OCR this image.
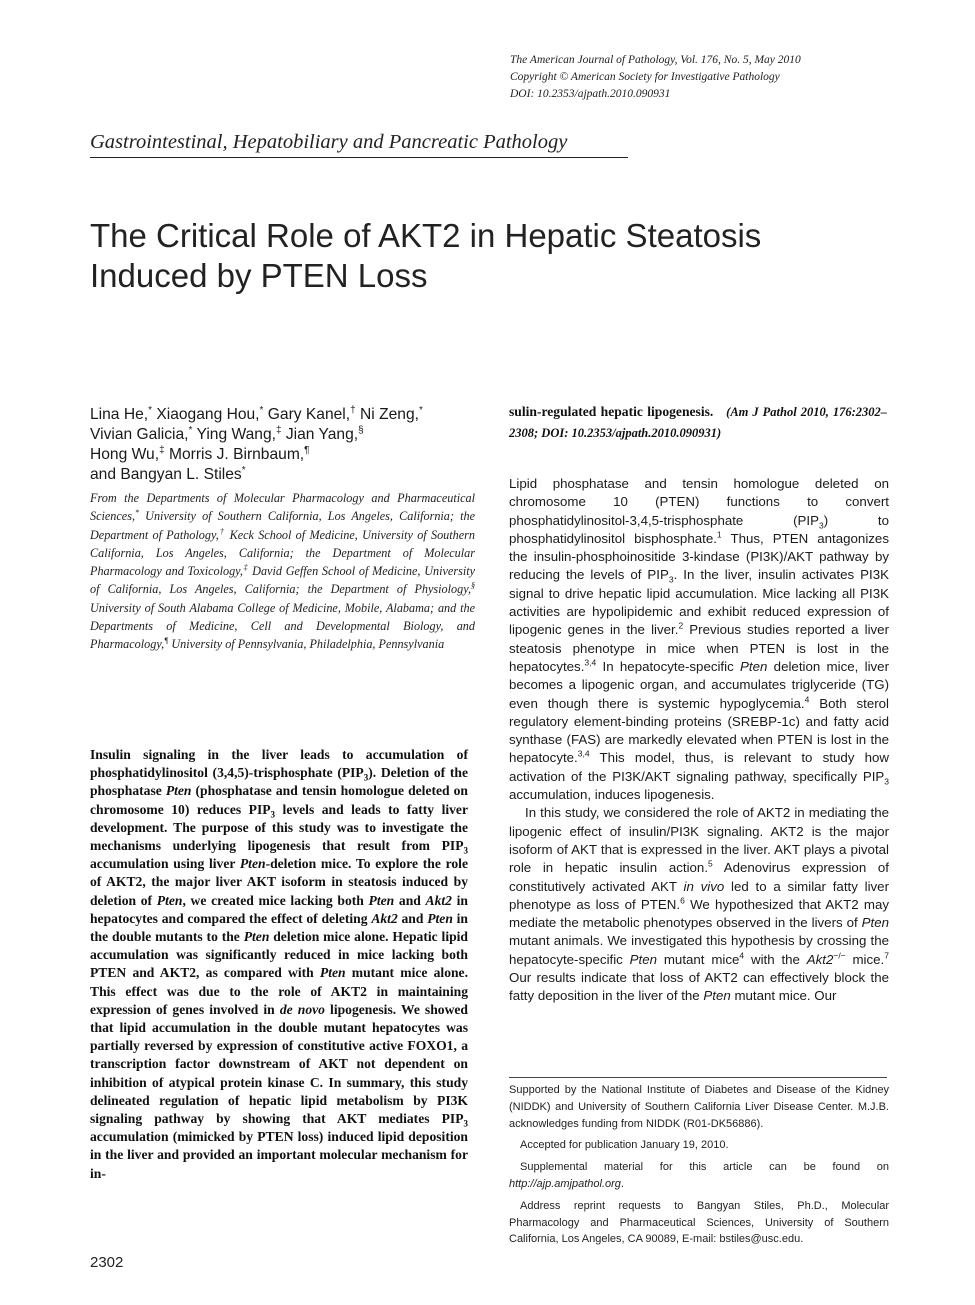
The American Journal of Pathology, Vol. 176, No. 5, May 2010
Copyright © American Society for Investigative Pathology
DOI: 10.2353/ajpath.2010.090931
Gastrointestinal, Hepatobiliary and Pancreatic Pathology
The Critical Role of AKT2 in Hepatic Steatosis
Induced by PTEN Loss
Lina He,* Xiaogang Hou,* Gary Kanel,† Ni Zeng,*
Vivian Galicia,* Ying Wang,‡ Jian Yang,§
Hong Wu,‡ Morris J. Birnbaum,¶
and Bangyan L. Stiles*
From the Departments of Molecular Pharmacology and Pharmaceutical Sciences,* University of Southern California, Los Angeles, California; the Department of Pathology,† Keck School of Medicine, University of Southern California, Los Angeles, California; the Department of Molecular Pharmacology and Toxicology,‡ David Geffen School of Medicine, University of California, Los Angeles, California; the Department of Physiology,§ University of South Alabama College of Medicine, Mobile, Alabama; and the Departments of Medicine, Cell and Developmental Biology, and Pharmacology,¶ University of Pennsylvania, Philadelphia, Pennsylvania
Insulin signaling in the liver leads to accumulation of phosphatidylinositol (3,4,5)-trisphosphate $(PIP_3)$. Deletion of the phosphatase Pten (phosphatase and tensin homologue deleted on chromosome 10) reduces $PIP_3$ levels and leads to fatty liver development. The purpose of this study was to investigate the mechanisms underlying lipogenesis that result from $PIP_3$ accumulation using liver Pten-deletion mice. To explore the role of AKT2, the major liver AKT isoform in steatosis induced by deletion of Pten, we created mice lacking both Pten and Akt2 in hepatocytes and compared the effect of deleting Akt2 and Pten in the double mutants to the Pten deletion mice alone. Hepatic lipid accumulation was significantly reduced in mice lacking both PTEN and AKT2, as compared with Pten mutant mice alone. This effect was due to the role of AKT2 in maintaining expression of genes involved in de novo lipogenesis. We showed that lipid accumulation in the double mutant hepatocytes was partially reversed by expression of constitutive active FOXO1, a transcription factor downstream of AKT not dependent on inhibition of atypical protein kinase C. In summary, this study delineated regulation of hepatic lipid metabolism by PI3K signaling pathway by showing that AKT mediates $PIP_3$ accumulation (mimicked by PTEN loss) induced lipid deposition in the liver and provided an important molecular mechanism for in-
2302
sulin-regulated hepatic lipogenesis. (Am J Pathol 2010, 176:2302–2308; DOI: 10.2353/ajpath.2010.090931)

Lipid phosphatase and tensin homologue deleted on chromosome 10 (PTEN) functions to convert phosphatidylinositol-3,4,5-trisphosphate $(PIP_3)$ to phosphatidylinositol bisphosphate.$^1$ Thus, PTEN antagonizes the insulin-phosphoinositide 3-kindase (PI3K)/AKT pathway by reducing the levels of $PIP_3$. In the liver, insulin activates PI3K signal to drive hepatic lipid accumulation. Mice lacking all PI3K activities are hypolipidemic and exhibit reduced expression of lipogenic genes in the liver.$^2$ Previous studies reported a liver steatosis phenotype in mice when PTEN is lost in the hepatocytes.$^{3,4}$ In hepatocyte-specific Pten deletion mice, liver becomes a lipogenic organ, and accumulates triglyceride (TG) even though there is systemic hypoglycemia.$^4$ Both sterol regulatory element-binding proteins (SREBP-1c) and fatty acid synthase (FAS) are markedly elevated when PTEN is lost in the hepatocyte.$^{3,4}$ This model, thus, is relevant to study how activation of the PI3K/AKT signaling pathway, specifically $PIP_3$ accumulation, induces lipogenesis.

In this study, we considered the role of AKT2 in mediating the lipogenic effect of insulin/PI3K signaling. AKT2 is the major isoform of AKT that is expressed in the liver. AKT plays a pivotal role in hepatic insulin action.$^5$ Adenovirus expression of constitutively activated AKT in vivo led to a similar fatty liver phenotype as loss of PTEN.$^6$ We hypothesized that AKT2 may mediate the metabolic phenotypes observed in the livers of Pten mutant animals. We investigated this hypothesis by crossing the hepatocyte-specific Pten mutant mice$^4$ with the Akt2−/− mice.$^7$ Our results indicate that loss of AKT2 can effectively block the fatty deposition in the liver of the Pten mutant mice. Our

Supported by the National Institute of Diabetes and Disease of the Kidney (NIDDK) and University of Southern California Liver Disease Center. M.J.B. acknowledges funding from NIDDK (R01-DK56886).

Accepted for publication January 19, 2010.

Supplemental material for this article can be found on http://ajp.amjpathol.org.

Address reprint requests to Bangyan Stiles, Ph.D., Molecular Pharmacology and Pharmaceutical Sciences, University of Southern California, Los Angeles, CA 90089, E-mail: bstiles@usc.edu.
